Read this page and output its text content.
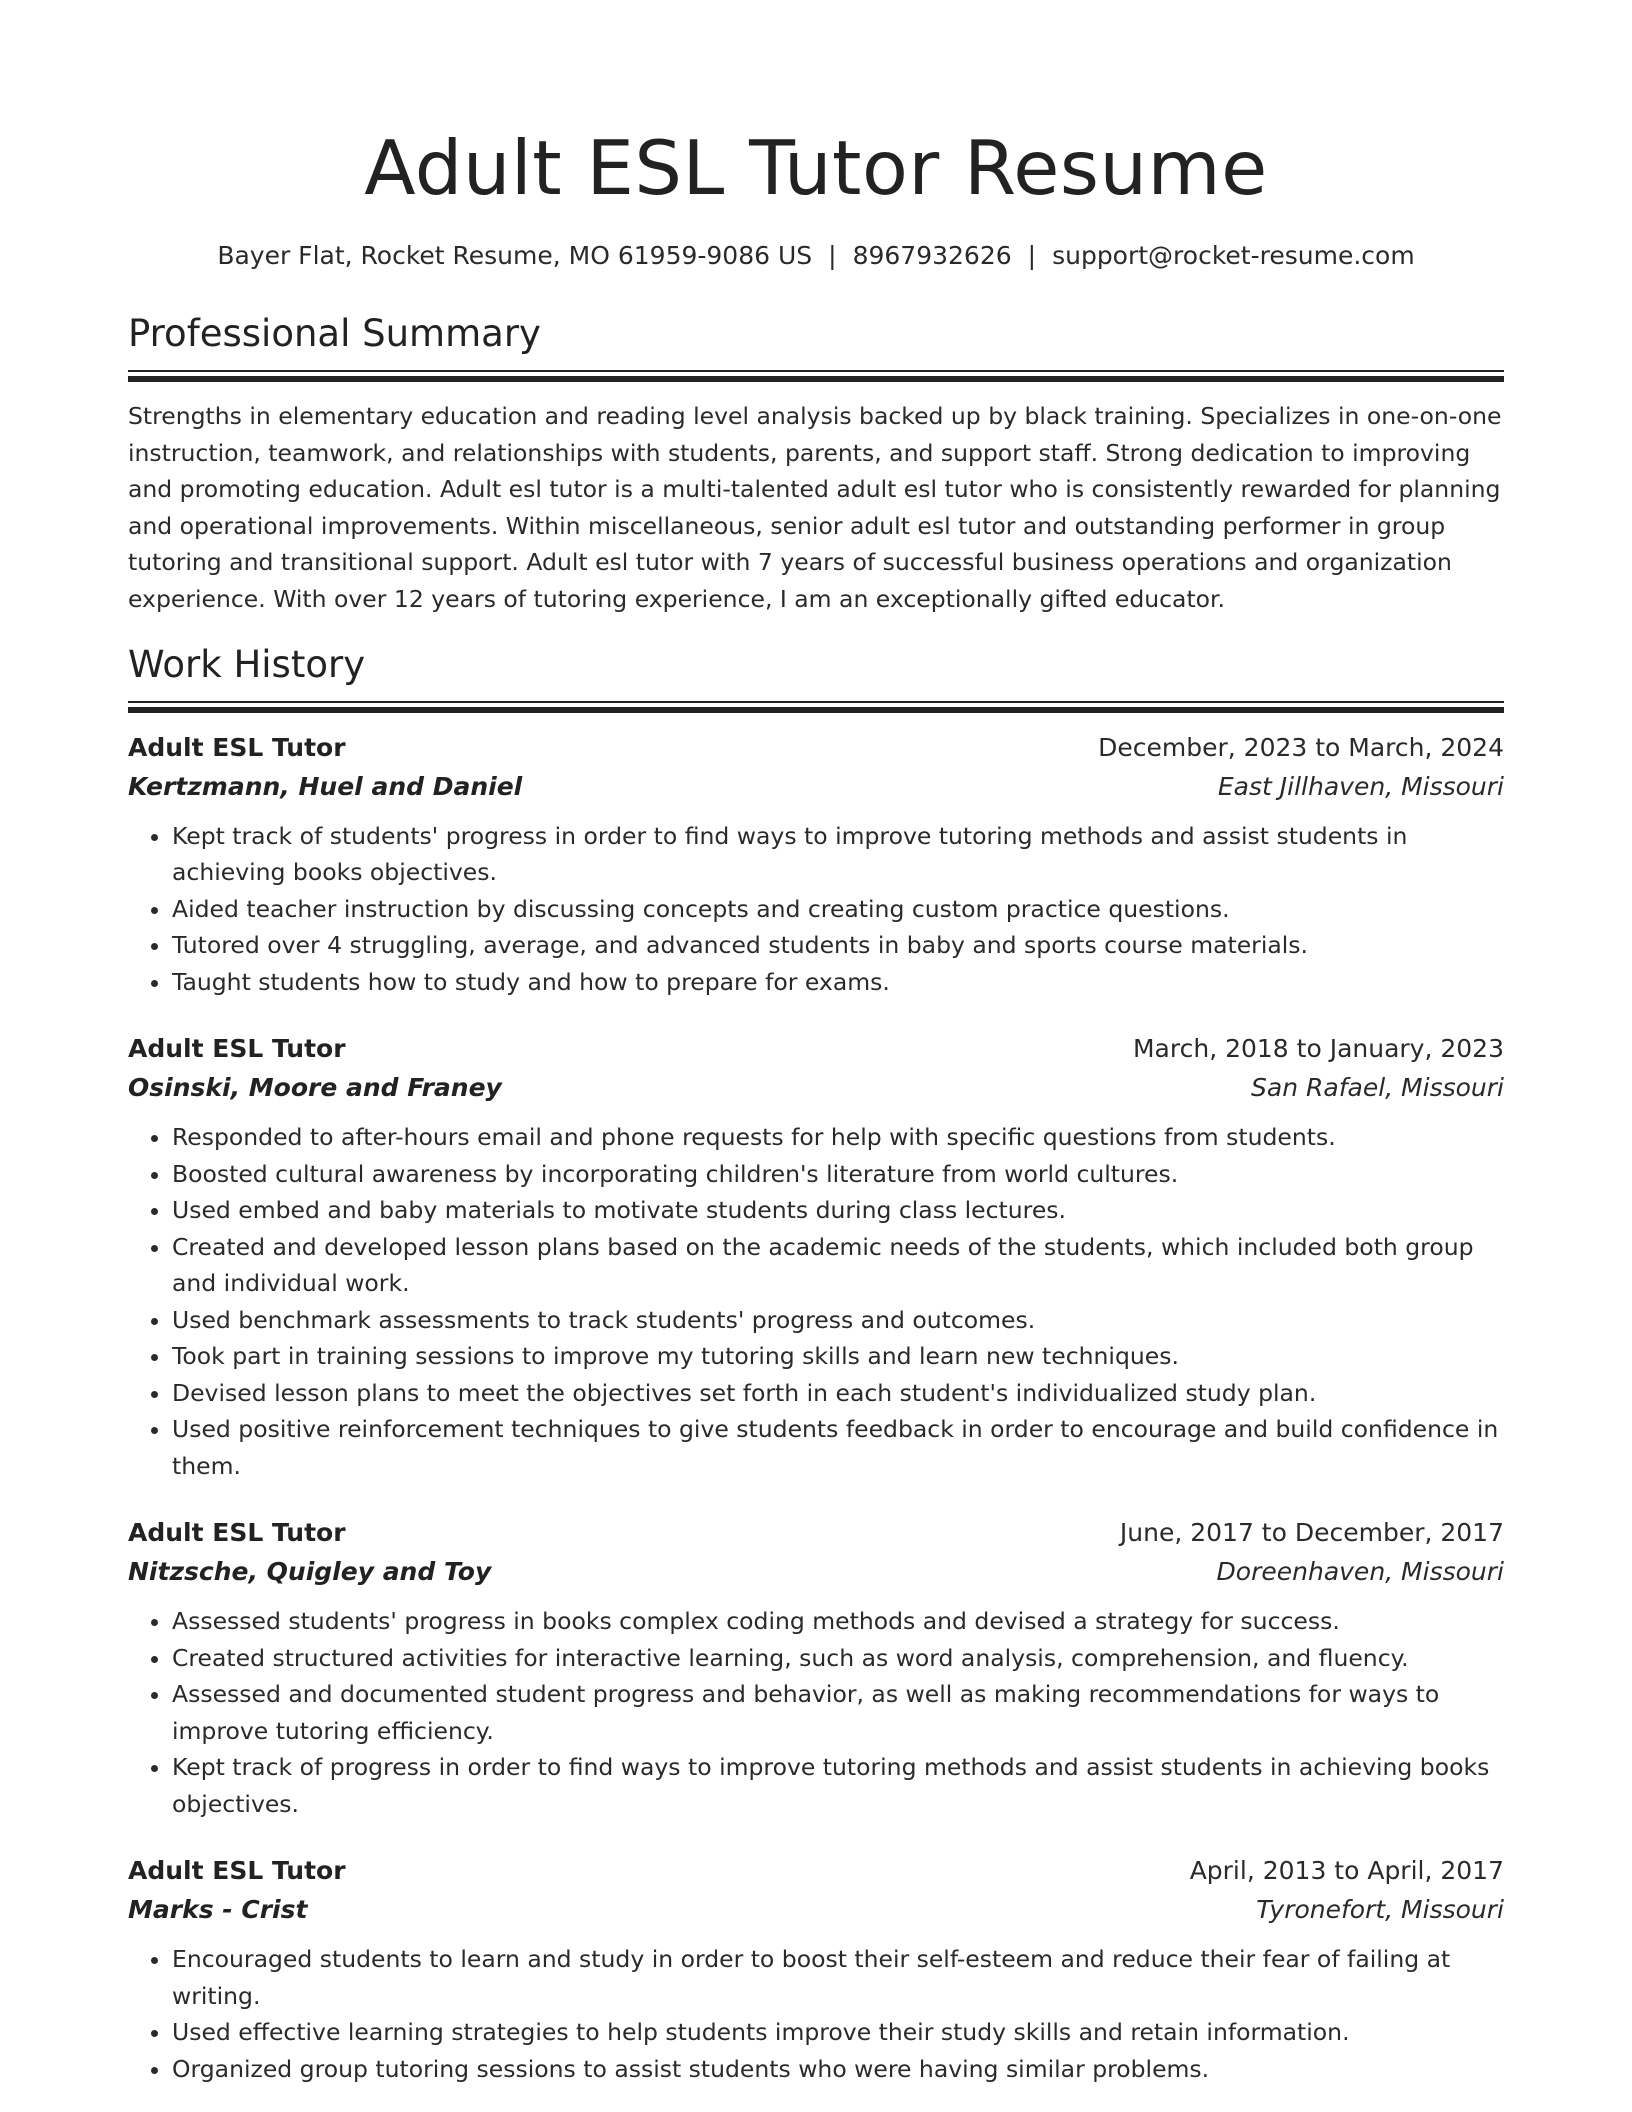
Adult ESL Tutor Resume
Bayer Flat, Rocket Resume, MO 61959-9086 US | 8967932626 | support@rocket-resume.com
Professional Summary

Strengths in elementary education and reading level analysis backed up by black training. Specializes in one-on-one instruction, teamwork, and relationships with students, parents, and support staff. Strong dedication to improving and promoting education. Adult esl tutor is a multi-talented adult esl tutor who is consistently rewarded for planning and operational improvements. Within miscellaneous, senior adult esl tutor and outstanding performer in group tutoring and transitional support. Adult esl tutor with 7 years of successful business operations and organization experience. With over 12 years of tutoring experience, I am an exceptionally gifted educator.

Work History
Adult ESL Tutor	December, 2023 to March, 2024
Kertzmann, Huel and Daniel	East Jillhaven, Missouri
• Kept track of students' progress in order to find ways to improve tutoring methods and assist students in achieving books objectives.
• Aided teacher instruction by discussing concepts and creating custom practice questions.
• Tutored over 4 struggling, average, and advanced students in baby and sports course materials.
• Taught students how to study and how to prepare for exams.
Adult ESL Tutor	March, 2018 to January, 2023
Osinski, Moore and Franey	San Rafael, Missouri
• Responded to after-hours email and phone requests for help with specific questions from students.
• Boosted cultural awareness by incorporating children's literature from world cultures.
• Used embed and baby materials to motivate students during class lectures.
• Created and developed lesson plans based on the academic needs of the students, which included both group and individual work.
• Used benchmark assessments to track students' progress and outcomes.
• Took part in training sessions to improve my tutoring skills and learn new techniques.
• Devised lesson plans to meet the objectives set forth in each student's individualized study plan.
• Used positive reinforcement techniques to give students feedback in order to encourage and build confidence in them.
Adult ESL Tutor	June, 2017 to December, 2017
Nitzsche, Quigley and Toy	Doreenhaven, Missouri
• Assessed students' progress in books complex coding methods and devised a strategy for success.
• Created structured activities for interactive learning, such as word analysis, comprehension, and fluency.
• Assessed and documented student progress and behavior, as well as making recommendations for ways to improve tutoring efficiency.
• Kept track of progress in order to find ways to improve tutoring methods and assist students in achieving books objectives.
Adult ESL Tutor	April, 2013 to April, 2017
Marks - Crist	Tyronefort, Missouri
• Encouraged students to learn and study in order to boost their self-esteem and reduce their fear of failing at writing.
• Used effective learning strategies to help students improve their study skills and retain information.
• Organized group tutoring sessions to assist students who were having similar problems.
